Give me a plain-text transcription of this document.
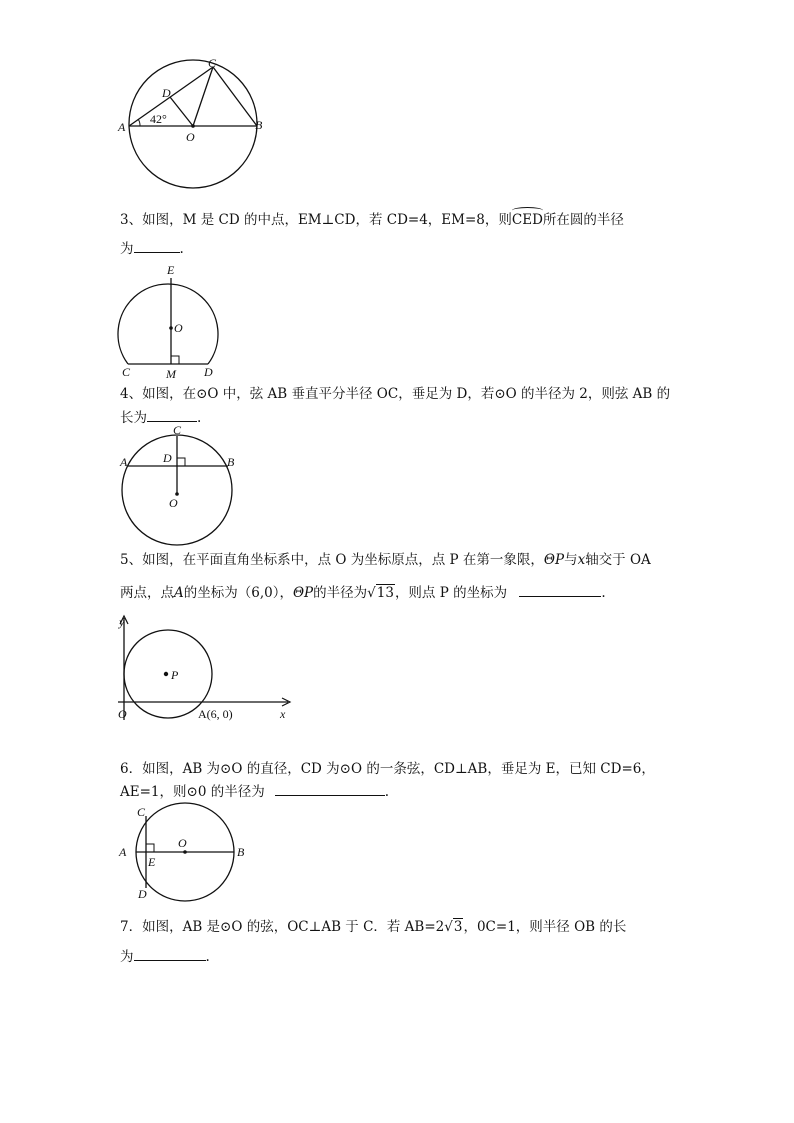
A	B
C
D
O
42°
3、如图，M 是 CD 的中点，EM⊥CD，若 CD=4，EM=8，则CED所在圆的半径
为	.
E
O
C	M D
4、如图，在⊙O 中，弦 AB 垂直平分半径 OC，垂足为 D，若⊙O 的半径为 2，则弦 AB 的
长为	.
C
A	D	B
O
5、如图，在平面直角坐标系中，点 O 为坐标原点，点 P 在第一象限，ΘP与x轴交于 OA
两点，点A的坐标为（6,0），ΘP的半径为√13，则点 P 的坐标为	.
y
P
O	A(6, 0)	x
6．如图，AB 为⊙O 的直径，CD 为⊙O 的一条弦，CD⊥AB，垂足为 E，已知 CD=6，
AE=1，则⊙0 的半径为	.
C
A
E
O
B
D
7．如图，AB 是⊙O 的弦，OC⊥AB 于 C．若 AB=2√3，0C=1，则半径 OB 的长
为	.
